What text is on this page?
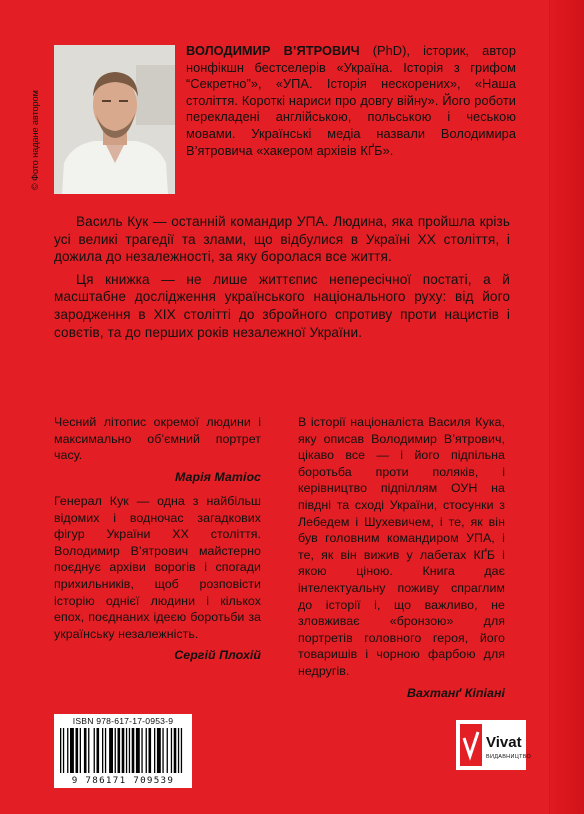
© Фото надане автором
ВОЛОДИМИР В’ЯТРОВИЧ (PhD), історик, автор нонфікшн бестселерів «Україна. Історія з грифом “Секретно”», «УПА. Історія нескорених», «Наша століття. Короткі нариси про довгу війну». Його роботи перекладені англійською, польською і чеською мовами. Українські медіа назвали Володимира В’ятровича «хакером архівів КҐБ».

Василь Кук — останній командир УПА. Людина, яка пройшла крізь усі великі трагедії та злами, що відбулися в Україні ХХ століття, і дожила до незалежності, за яку боролася все життя.

Ця книжка — не лише життєпис непересічної постаті, а й масштабне дослідження українського національного руху: від його зародження в ХІХ столітті до збройного спротиву проти нацистів і совєтів, та до перших років незалежної України.

Чесний літопис окремої людини і максимально об’ємний портрет часу.

Марія Матіос

Генерал Кук — одна з найбільш відомих і водночас загадкових фігур України ХХ століття. Володимир В’ятрович майстерно поєднує архіви ворогів і спогади прихильників, щоб розповісти історію однієї людини і кількох епох, поєднаних ідеєю боротьби за українську незалежність.

Сергій Плохій

В історії націоналіста Василя Кука, яку описав Володимир В’ятрович, цікаво все — і його підпільна боротьба проти поляків, і керівництво підпіллям ОУН на півдні та сході України, стосунки з Лебедем і Шухевичем, і те, як він був головним командиром УПА, і те, як він вижив у лабетах КҐБ і якою ціною. Книга дає інтелектуальну поживу спраглим до історії і, що важливо, не зловживає «бронзою» для портретів головного героя, його товаришів і чорною фарбою для недругів.

Вахтанґ Кіпіані

ISBN 978-617-17-0953-9
9 786171 709539
Vivat
ВИДАВНИЦТВО
